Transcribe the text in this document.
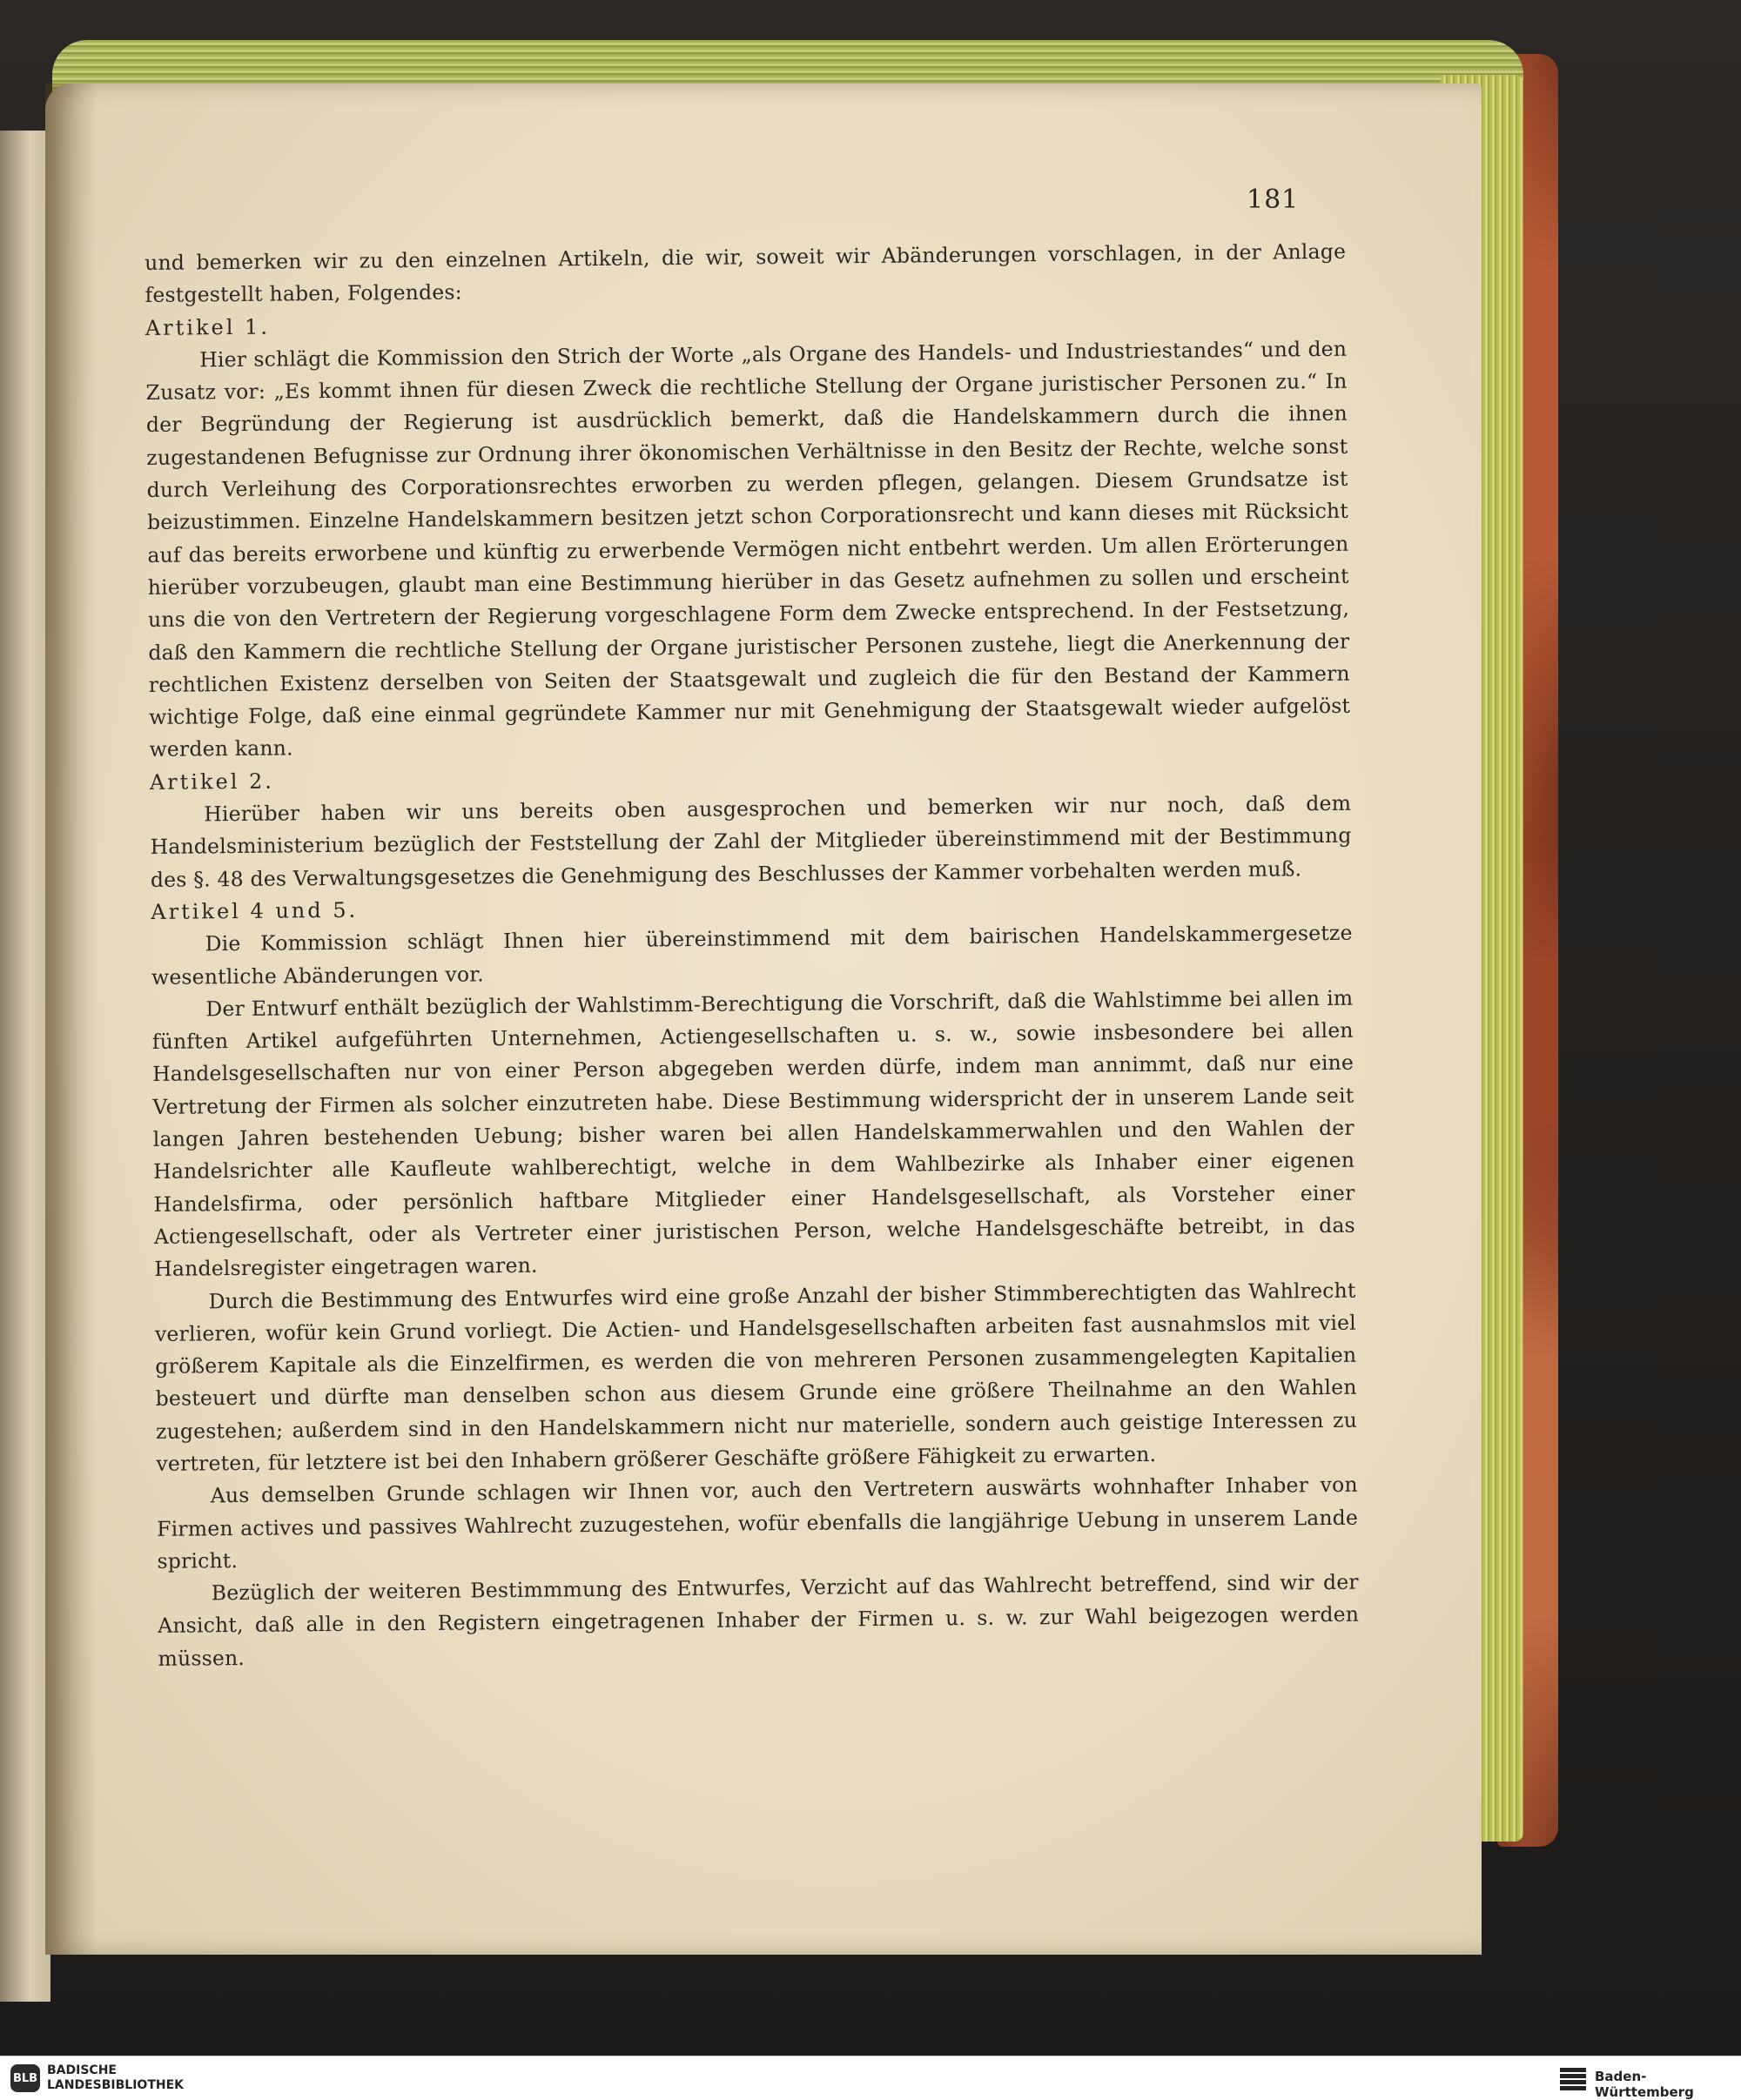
181

und bemerken wir zu den einzelnen Artikeln, die wir, soweit wir Abänderungen vorschlagen, in der Anlage festgestellt haben, Folgendes:

Artikel 1.

Hier schlägt die Kommission den Strich der Worte „als Organe des Handels- und Industriestandes“ und den Zusatz vor: „Es kommt ihnen für diesen Zweck die rechtliche Stellung der Organe juristischer Personen zu.“ In der Begründung der Regierung ist ausdrücklich bemerkt, daß die Handelskammern durch die ihnen zugestandenen Befugnisse zur Ordnung ihrer ökonomischen Verhältnisse in den Besitz der Rechte, welche sonst durch Verleihung des Corporationsrechtes erworben zu werden pflegen, gelangen. Diesem Grundsatze ist beizustimmen. Einzelne Handelskammern besitzen jetzt schon Corporationsrecht und kann dieses mit Rücksicht auf das bereits erworbene und künftig zu erwerbende Vermögen nicht entbehrt werden. Um allen Erörterungen hierüber vorzubeugen, glaubt man eine Bestimmung hierüber in das Gesetz aufnehmen zu sollen und erscheint uns die von den Vertretern der Regierung vorgeschlagene Form dem Zwecke entsprechend. In der Festsetzung, daß den Kammern die rechtliche Stellung der Organe juristischer Personen zustehe, liegt die Anerkennung der rechtlichen Existenz derselben von Seiten der Staatsgewalt und zugleich die für den Bestand der Kammern wichtige Folge, daß eine einmal gegründete Kammer nur mit Genehmigung der Staatsgewalt wieder aufgelöst werden kann.

Artikel 2.

Hierüber haben wir uns bereits oben ausgesprochen und bemerken wir nur noch, daß dem Handelsministerium bezüglich der Feststellung der Zahl der Mitglieder übereinstimmend mit der Bestimmung des §. 48 des Verwaltungsgesetzes die Genehmigung des Beschlusses der Kammer vorbehalten werden muß.

Artikel 4 und 5.

Die Kommission schlägt Ihnen hier übereinstimmend mit dem bairischen Handelskammergesetze wesentliche Abänderungen vor.

Der Entwurf enthält bezüglich der Wahlstimm-Berechtigung die Vorschrift, daß die Wahlstimme bei allen im fünften Artikel aufgeführten Unternehmen, Actiengesellschaften u. s. w., sowie insbesondere bei allen Handelsgesellschaften nur von einer Person abgegeben werden dürfe, indem man annimmt, daß nur eine Vertretung der Firmen als solcher einzutreten habe. Diese Bestimmung widerspricht der in unserem Lande seit langen Jahren bestehenden Uebung; bisher waren bei allen Handelskammerwahlen und den Wahlen der Handelsrichter alle Kaufleute wahlberechtigt, welche in dem Wahlbezirke als Inhaber einer eigenen Handelsfirma, oder persönlich haftbare Mitglieder einer Handelsgesellschaft, als Vorsteher einer Actiengesellschaft, oder als Vertreter einer juristischen Person, welche Handelsgeschäfte betreibt, in das Handelsregister eingetragen waren.

Durch die Bestimmung des Entwurfes wird eine große Anzahl der bisher Stimmberechtigten das Wahlrecht verlieren, wofür kein Grund vorliegt. Die Actien- und Handelsgesellschaften arbeiten fast ausnahmslos mit viel größerem Kapitale als die Einzelfirmen, es werden die von mehreren Personen zusammengelegten Kapitalien besteuert und dürfte man denselben schon aus diesem Grunde eine größere Theilnahme an den Wahlen zugestehen; außerdem sind in den Handelskammern nicht nur materielle, sondern auch geistige Interessen zu vertreten, für letztere ist bei den Inhabern größerer Geschäfte größere Fähigkeit zu erwarten.

Aus demselben Grunde schlagen wir Ihnen vor, auch den Vertretern auswärts wohnhafter Inhaber von Firmen actives und passives Wahlrecht zuzugestehen, wofür ebenfalls die langjährige Uebung in unserem Lande spricht.

Bezüglich der weiteren Bestimmmung des Entwurfes, Verzicht auf das Wahlrecht betreffend, sind wir der Ansicht, daß alle in den Registern eingetragenen Inhaber der Firmen u. s. w. zur Wahl beigezogen werden müssen.

BLB
BADISCHE
LANDESBIBLIOTHEK
Baden-Württemberg
